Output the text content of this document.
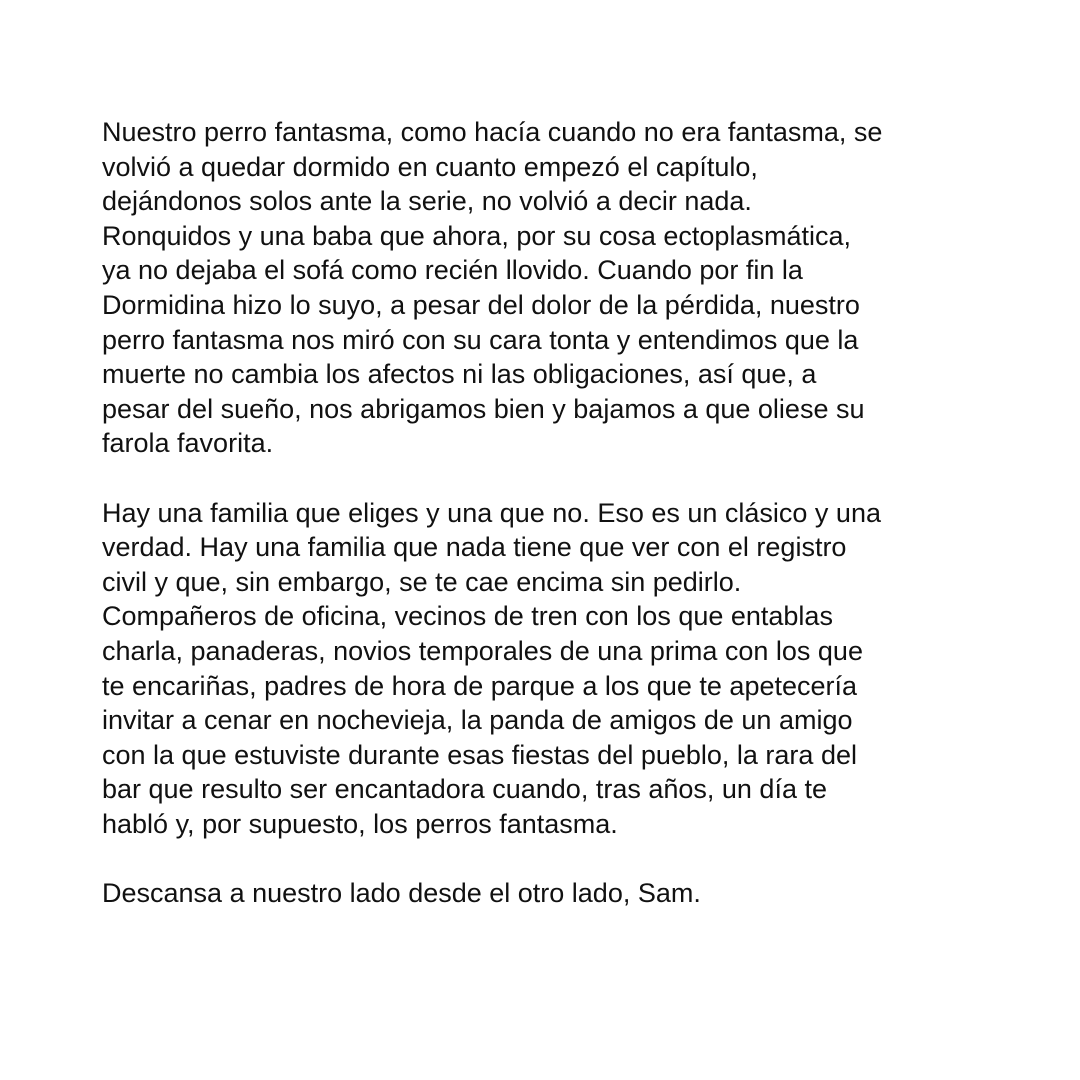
Nuestro perro fantasma, como hacía cuando no era fantasma, se
volvió a quedar dormido en cuanto empezó el capítulo,
dejándonos solos ante la serie, no volvió a decir nada.
Ronquidos y una baba que ahora, por su cosa ectoplasmática,
ya no dejaba el sofá como recién llovido. Cuando por fin la
Dormidina hizo lo suyo, a pesar del dolor de la pérdida, nuestro
perro fantasma nos miró con su cara tonta y entendimos que la
muerte no cambia los afectos ni las obligaciones, así que, a
pesar del sueño, nos abrigamos bien y bajamos a que oliese su
farola favorita.

Hay una familia que eliges y una que no. Eso es un clásico y una
verdad. Hay una familia que nada tiene que ver con el registro
civil y que, sin embargo, se te cae encima sin pedirlo.
Compañeros de oficina, vecinos de tren con los que entablas
charla, panaderas, novios temporales de una prima con los que
te encariñas, padres de hora de parque a los que te apetecería
invitar a cenar en nochevieja, la panda de amigos de un amigo
con la que estuviste durante esas fiestas del pueblo, la rara del
bar que resulto ser encantadora cuando, tras años, un día te
habló y, por supuesto, los perros fantasma.

Descansa a nuestro lado desde el otro lado, Sam.
